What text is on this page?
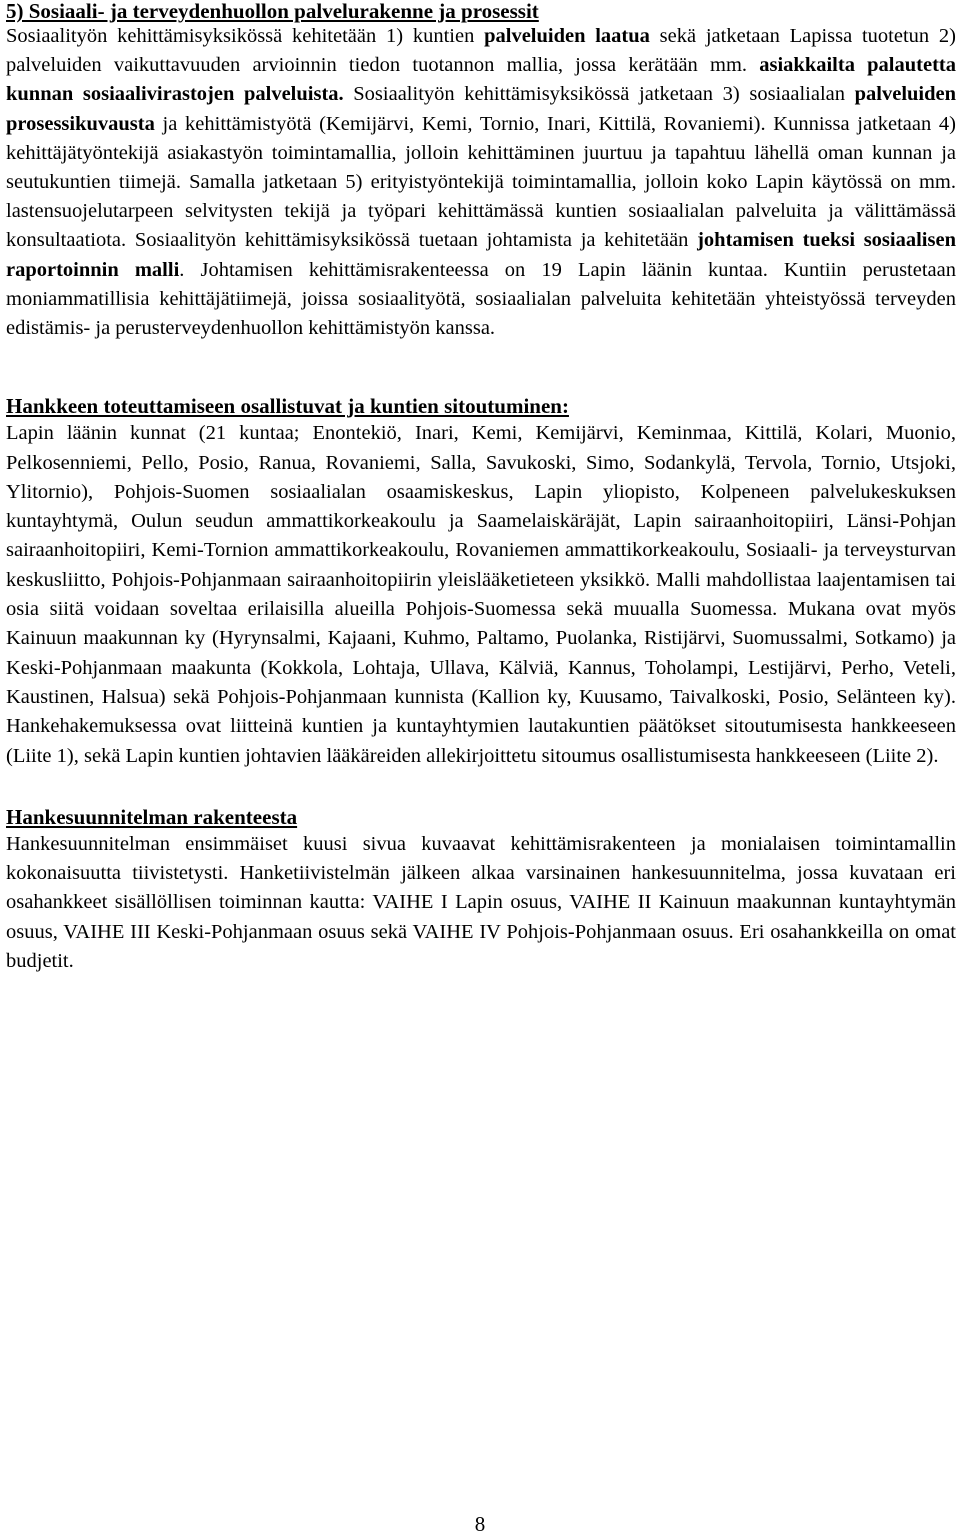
5) Sosiaali- ja terveydenhuollon palvelurakenne ja prosessit

Sosiaalityön kehittämisyksikössä kehitetään 1) kuntien palveluiden laatua sekä jatketaan Lapissa tuotetun 2) palveluiden vaikuttavuuden arvioinnin tiedon tuotannon mallia, jossa kerätään mm. asiakkailta palautetta kunnan sosiaalivirastojen palveluista. Sosiaalityön kehittämisyksikössä jatketaan 3) sosiaalialan palveluiden prosessikuvausta ja kehittämistyötä (Kemijärvi, Kemi, Tornio, Inari, Kittilä, Rovaniemi). Kunnissa jatketaan 4) kehittäjätyöntekijä asiakastyön toimintamallia, jolloin kehittäminen juurtuu ja tapahtuu lähellä oman kunnan ja seutukuntien tiimejä. Samalla jatketaan 5) erityistyöntekijä toimintamallia, jolloin koko Lapin käytössä on mm. lastensuojelutarpeen selvitysten tekijä ja työpari kehittämässä kuntien sosiaalialan palveluita ja välittämässä konsultaatiota. Sosiaalityön kehittämisyksikössä tuetaan johtamista ja kehitetään johtamisen tueksi sosiaalisen raportoinnin malli. Johtamisen kehittämisrakenteessa on 19 Lapin läänin kuntaa. Kuntiin perustetaan moniammatillisia kehittäjätiimejä, joissa sosiaalityötä, sosiaalialan palveluita kehitetään yhteistyössä terveyden edistämis- ja perusterveydenhuollon kehittämistyön kanssa.

Hankkeen toteuttamiseen osallistuvat ja kuntien sitoutuminen:

Lapin läänin kunnat (21 kuntaa; Enontekiö, Inari, Kemi, Kemijärvi, Keminmaa, Kittilä, Kolari, Muonio, Pelkosenniemi, Pello, Posio, Ranua, Rovaniemi, Salla, Savukoski, Simo, Sodankylä, Tervola, Tornio, Utsjoki, Ylitornio), Pohjois-Suomen sosiaalialan osaamiskeskus, Lapin yliopisto, Kolpeneen palvelukeskuksen kuntayhtymä, Oulun seudun ammattikorkeakoulu ja Saamelaiskäräjät, Lapin sairaanhoitopiiri, Länsi-Pohjan sairaanhoitopiiri, Kemi-Tornion ammattikorkeakoulu, Rovaniemen ammattikorkeakoulu, Sosiaali- ja terveysturvan keskusliitto, Pohjois-Pohjanmaan sairaanhoitopiirin yleislääketieteen yksikkö. Malli mahdollistaa laajentamisen tai osia siitä voidaan soveltaa erilaisilla alueilla Pohjois-Suomessa sekä muualla Suomessa. Mukana ovat myös Kainuun maakunnan ky (Hyrynsalmi, Kajaani, Kuhmo, Paltamo, Puolanka, Ristijärvi, Suomussalmi, Sotkamo) ja Keski-Pohjanmaan maakunta (Kokkola, Lohtaja, Ullava, Kälviä, Kannus, Toholampi, Lestijärvi, Perho, Veteli, Kaustinen, Halsua) sekä Pohjois-Pohjanmaan kunnista (Kallion ky, Kuusamo, Taivalkoski, Posio, Selänteen ky). Hankehakemuksessa ovat liitteinä kuntien ja kuntayhtymien lautakuntien päätökset sitoutumisesta hankkeeseen (Liite 1), sekä Lapin kuntien johtavien lääkäreiden allekirjoittetu sitoumus osallistumisesta hankkeeseen (Liite 2).

Hankesuunnitelman rakenteesta

Hankesuunnitelman ensimmäiset kuusi sivua kuvaavat kehittämisrakenteen ja monialaisen toimintamallin kokonaisuutta tiivistetysti. Hanketiivistelmän jälkeen alkaa varsinainen hankesuunnitelma, jossa kuvataan eri osahankkeet sisällöllisen toiminnan kautta: VAIHE I Lapin osuus, VAIHE II Kainuun maakunnan kuntayhtymän osuus, VAIHE III Keski-Pohjanmaan osuus sekä VAIHE IV Pohjois-Pohjanmaan osuus. Eri osahankkeilla on omat budjetit.

8
